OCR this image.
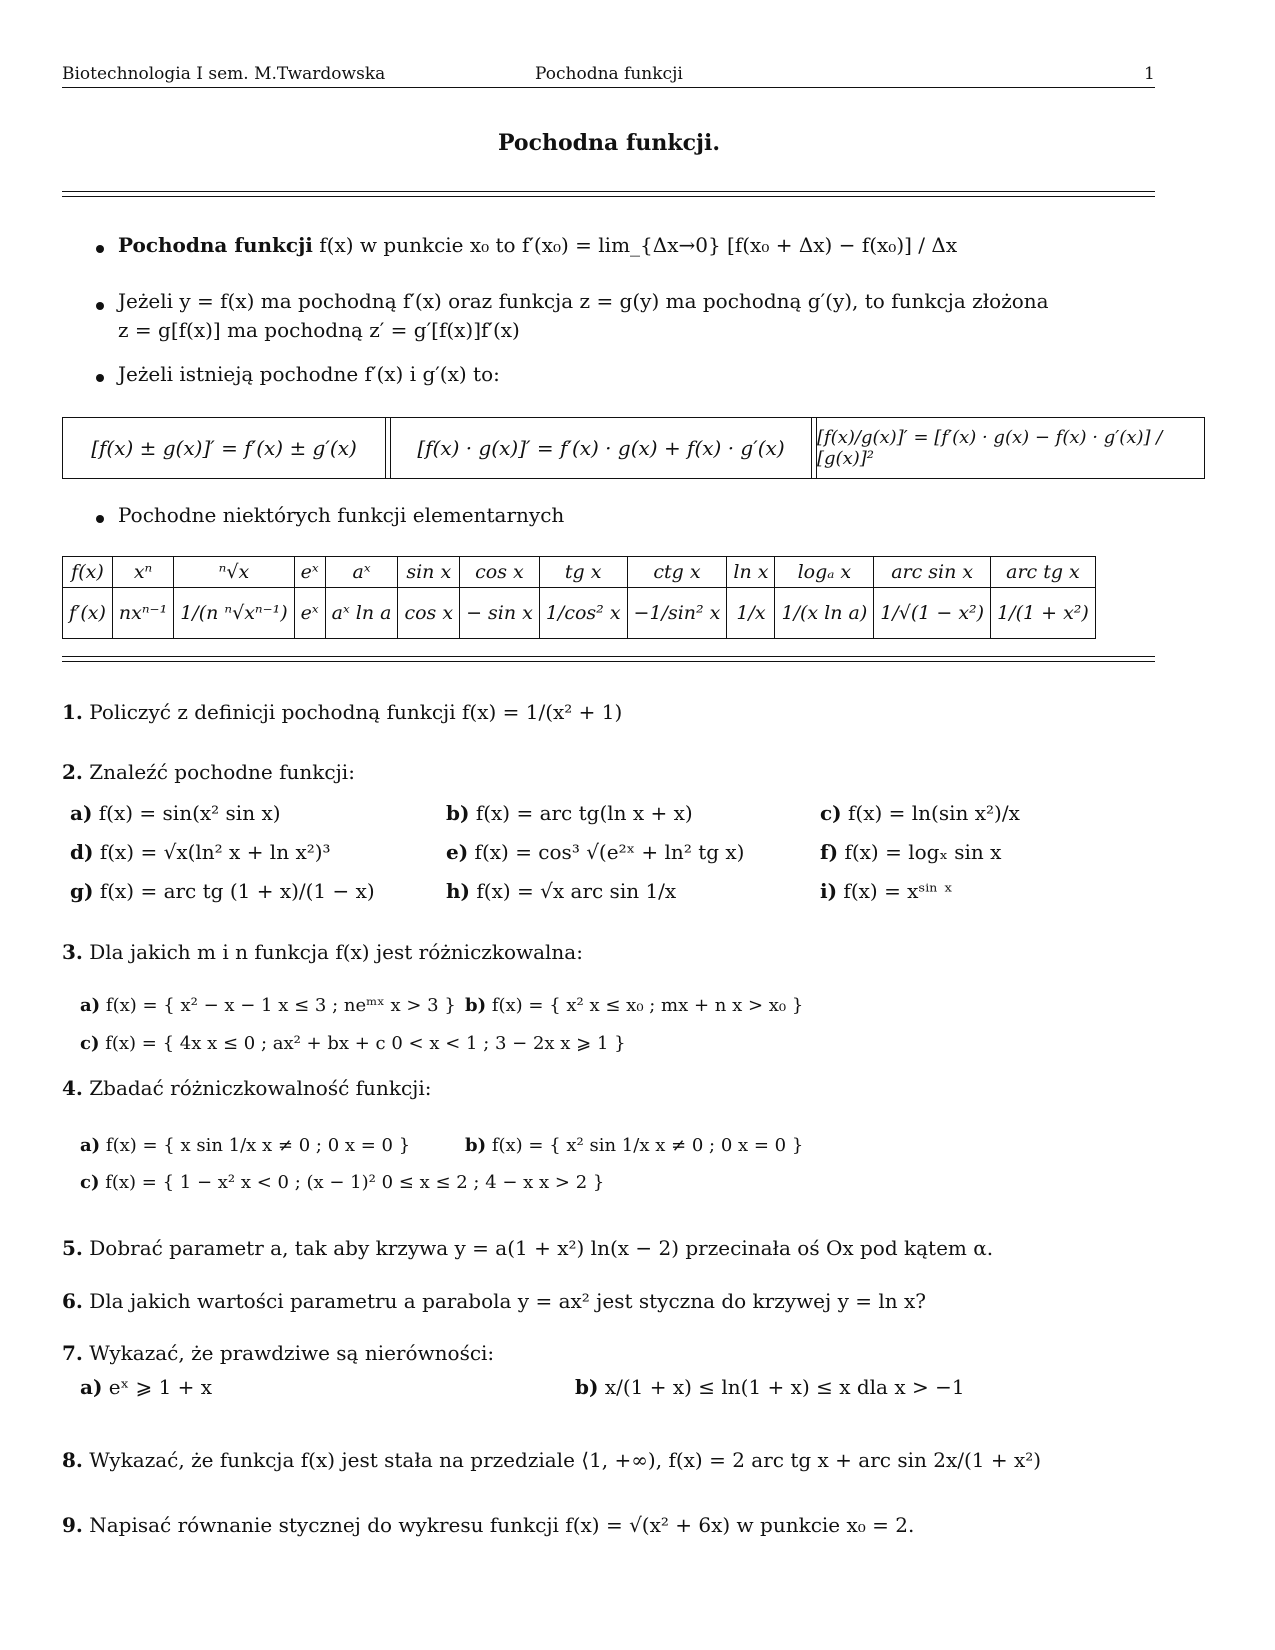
Biotechnologia I sem. M.Twardowska	Pochodna funkcji	1
Pochodna funkcji.
Pochodna funkcji f(x) w punkcie x₀ to f′(x₀) = lim_{Δx→0} [f(x₀ + Δx) − f(x₀)] / Δx
Jeżeli y = f(x) ma pochodną f′(x) oraz funkcja z = g(y) ma pochodną g′(y), to funkcja złożona
z = g[f(x)] ma pochodną z′ = g′[f(x)]f′(x)
Jeżeli istnieją pochodne f′(x) i g′(x) to:
[f(x) ± g(x)]′ = f′(x) ± g′(x)	[f(x) · g(x)]′ = f′(x) · g(x) + f(x) · g′(x)	[f(x)/g(x)]′ = [f′(x) · g(x) − f(x) · g′(x)] / [g(x)]²
Pochodne niektórych funkcji elementarnych
f(x)	xⁿ	ⁿ√x	eˣ	aˣ	sin x	cos x	tg x	ctg x	ln x	logₐ x	arc sin x	arc tg x
f′(x)	nxⁿ⁻¹	1/(n ⁿ√xⁿ⁻¹)	eˣ	aˣ ln a	cos x	− sin x	1/cos² x	−1/sin² x	1/x	1/(x ln a)	1/√(1 − x²)	1/(1 + x²)
1. Policzyć z definicji pochodną funkcji f(x) = 1/(x² + 1)
2. Znaleźć pochodne funkcji:
a) f(x) = sin(x² sin x)	b) f(x) = arc tg(ln x + x)	c) f(x) = ln(sin x²)/x
d) f(x) = √x(ln² x + ln x²)³	e) f(x) = cos³ √(e²ˣ + ln² tg x)	f) f(x) = logₓ sin x
g) f(x) = arc tg (1 + x)/(1 − x)	h) f(x) = √x arc sin 1/x	i) f(x) = xˢⁱⁿ ˣ
3. Dla jakich m i n funkcja f(x) jest różniczkowalna:
a) f(x) = { x² − x − 1 x ≤ 3 ; neᵐˣ x > 3 } b) f(x) = { x² x ≤ x₀ ; mx + n x > x₀ }
c) f(x) = { 4x x ≤ 0 ; ax² + bx + c 0 < x < 1 ; 3 − 2x x ⩾ 1 }
4. Zbadać różniczkowalność funkcji:
a) f(x) = { x sin 1/x x ≠ 0 ; 0 x = 0 }	b) f(x) = { x² sin 1/x x ≠ 0 ; 0 x = 0 }
c) f(x) = { 1 − x² x < 0 ; (x − 1)² 0 ≤ x ≤ 2 ; 4 − x x > 2 }
5. Dobrać parametr a, tak aby krzywa y = a(1 + x²) ln(x − 2) przecinała oś Ox pod kątem α.
6. Dla jakich wartości parametru a parabola y = ax² jest styczna do krzywej y = ln x?
7. Wykazać, że prawdziwe są nierówności:
a) eˣ ⩾ 1 + x	b) x/(1 + x) ≤ ln(1 + x) ≤ x dla x > −1
8. Wykazać, że funkcja f(x) jest stała na przedziale ⟨1, +∞), f(x) = 2 arc tg x + arc sin 2x/(1 + x²)
9. Napisać równanie stycznej do wykresu funkcji f(x) = √(x² + 6x) w punkcie x₀ = 2.
